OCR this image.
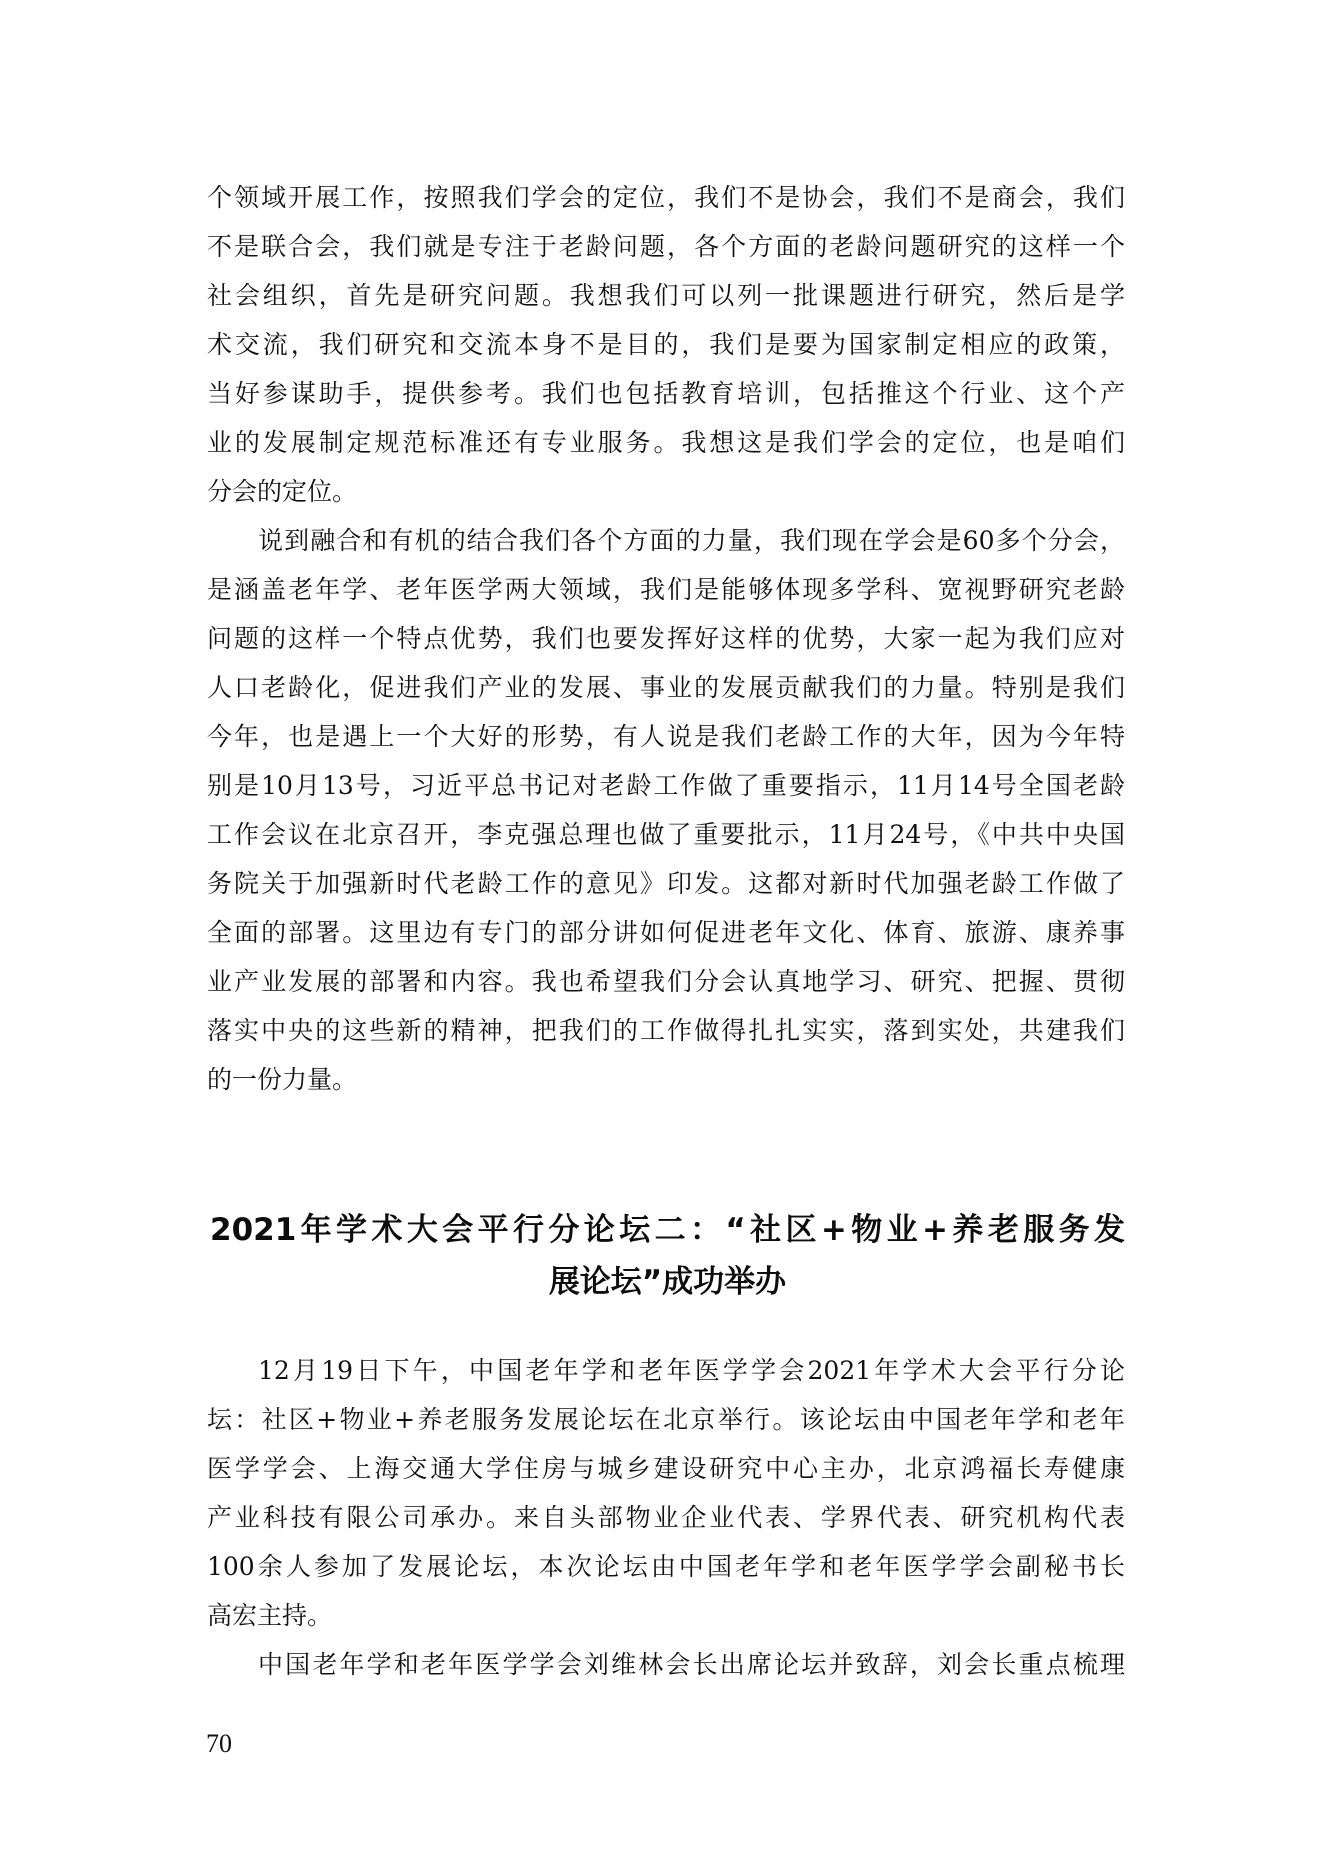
个领域开展工作，按照我们学会的定位，我们不是协会，我们不是商会，我们
不是联合会，我们就是专注于老龄问题，各个方面的老龄问题研究的这样一个
社会组织，首先是研究问题。我想我们可以列一批课题进行研究，然后是学
术交流，我们研究和交流本身不是目的，我们是要为国家制定相应的政策，
当好参谋助手，提供参考。我们也包括教育培训，包括推这个行业、这个产
业的发展制定规范标准还有专业服务。我想这是我们学会的定位，也是咱们
分会的定位。
说到融合和有机的结合我们各个方面的力量，我们现在学会是60多个分会，
是涵盖老年学、老年医学两大领域，我们是能够体现多学科、宽视野研究老龄
问题的这样一个特点优势，我们也要发挥好这样的优势，大家一起为我们应对
人口老龄化，促进我们产业的发展、事业的发展贡献我们的力量。特别是我们
今年，也是遇上一个大好的形势，有人说是我们老龄工作的大年，因为今年特
别是10月13号，习近平总书记对老龄工作做了重要指示，11月14号全国老龄
工作会议在北京召开，李克强总理也做了重要批示，11月24号，《中共中央国
务院关于加强新时代老龄工作的意见》印发。这都对新时代加强老龄工作做了
全面的部署。这里边有专门的部分讲如何促进老年文化、体育、旅游、康养事
业产业发展的部署和内容。我也希望我们分会认真地学习、研究、把握、贯彻
落实中央的这些新的精神，把我们的工作做得扎扎实实，落到实处，共建我们
的一份力量。
2021年学术大会平行分论坛二：“社区+物业+养老服务发
展论坛”成功举办
12月19日下午，中国老年学和老年医学学会2021年学术大会平行分论
坛：社区+物业+养老服务发展论坛在北京举行。该论坛由中国老年学和老年
医学学会、上海交通大学住房与城乡建设研究中心主办，北京鸿福长寿健康
产业科技有限公司承办。来自头部物业企业代表、学界代表、研究机构代表
100余人参加了发展论坛，本次论坛由中国老年学和老年医学学会副秘书长
高宏主持。
中国老年学和老年医学学会刘维林会长出席论坛并致辞，刘会长重点梳理
70
